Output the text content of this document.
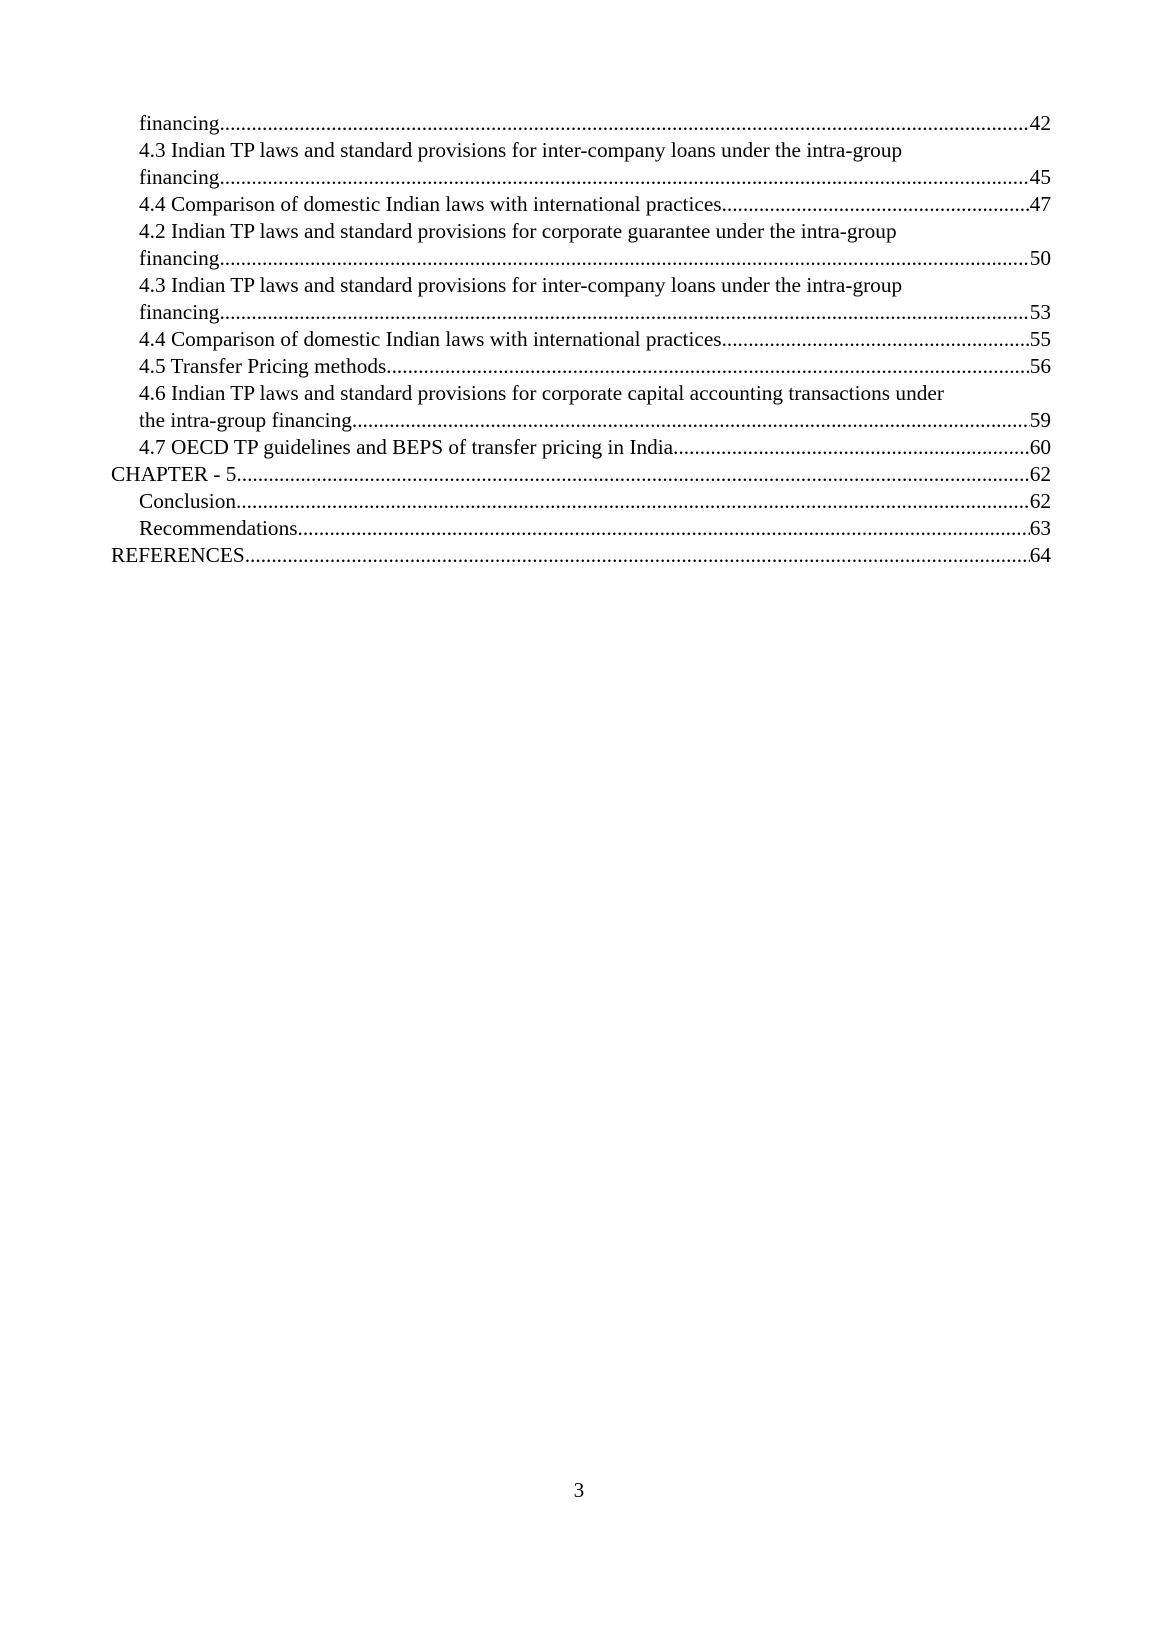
financing .....	42
4.3 Indian TP laws and standard provisions for inter-company loans under the intra-group
financing .....	45
4.4 Comparison of domestic Indian laws with international practices .....	47
4.2 Indian TP laws and standard provisions for corporate guarantee under the intra-group
financing .....	50
4.3 Indian TP laws and standard provisions for inter-company loans under the intra-group
financing .....	53
4.4 Comparison of domestic Indian laws with international practices .....	55
4.5 Transfer Pricing methods .....	56
4.6 Indian TP laws and standard provisions for corporate capital accounting transactions under
the intra-group financing .....	59
4.7 OECD TP guidelines and BEPS of transfer pricing in India .....	60
CHAPTER - 5 .....	62
Conclusion .....	62
Recommendations .....	63
REFERENCES .....	64
3
